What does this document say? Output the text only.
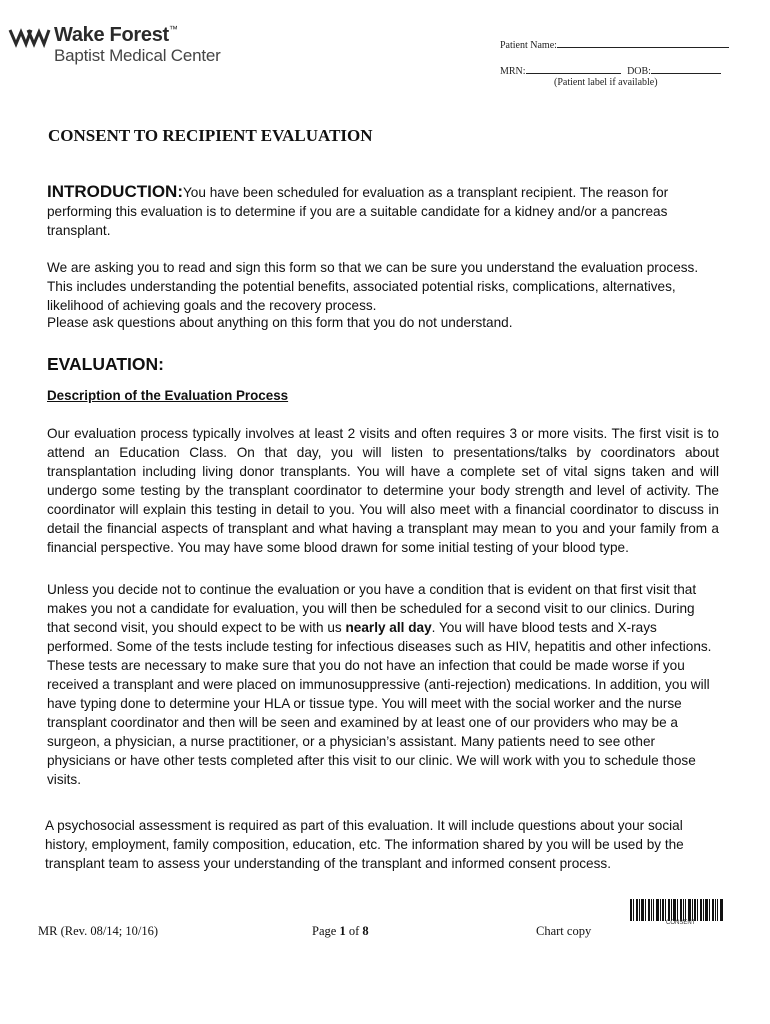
Wake Forest™
Baptist Medical Center
Patient Name:
MRN:	DOB:
(Patient label if available)
CONSENT TO RECIPIENT EVALUATION
INTRODUCTION:You have been scheduled for evaluation as a transplant recipient. The reason for performing this evaluation is to determine if you are a suitable candidate for a kidney and/or a pancreas transplant.
We are asking you to read and sign this form so that we can be sure you understand the evaluation process. This includes understanding the potential benefits, associated potential risks, complications, alternatives, likelihood of achieving goals and the recovery process.
Please ask questions about anything on this form that you do not understand.
EVALUATION:
Description of the Evaluation Process
Our evaluation process typically involves at least 2 visits and often requires 3 or more visits. The first visit is to attend an Education Class. On that day, you will listen to presentations/talks by coordinators about transplantation including living donor transplants. You will have a complete set of vital signs taken and will undergo some testing by the transplant coordinator to determine your body strength and level of activity. The coordinator will explain this testing in detail to you. You will also meet with a financial coordinator to discuss in detail the financial aspects of transplant and what having a transplant may mean to you and your family from a financial perspective. You may have some blood drawn for some initial testing of your blood type.
Unless you decide not to continue the evaluation or you have a condition that is evident on that first visit that makes you not a candidate for evaluation, you will then be scheduled for a second visit to our clinics. During that second visit, you should expect to be with us nearly all day. You will have blood tests and X-rays performed. Some of the tests include testing for infectious diseases such as HIV, hepatitis and other infections. These tests are necessary to make sure that you do not have an infection that could be made worse if you received a transplant and were placed on immunosuppressive (anti-rejection) medications. In addition, you will have typing done to determine your HLA or tissue type. You will meet with the social worker and the nurse transplant coordinator and then will be seen and examined by at least one of our providers who may be a surgeon, a physician, a nurse practitioner, or a physician’s assistant. Many patients need to see other physicians or have other tests completed after this visit to our clinic. We will work with you to schedule those visits.
A psychosocial assessment is required as part of this evaluation. It will include questions about your social history, employment, family composition, education, etc. The information shared by you will be used by the transplant team to assess your understanding of the transplant and informed consent process.
CONSENT
MR (Rev. 08/14; 10/16)	Page 1 of 8	Chart copy
